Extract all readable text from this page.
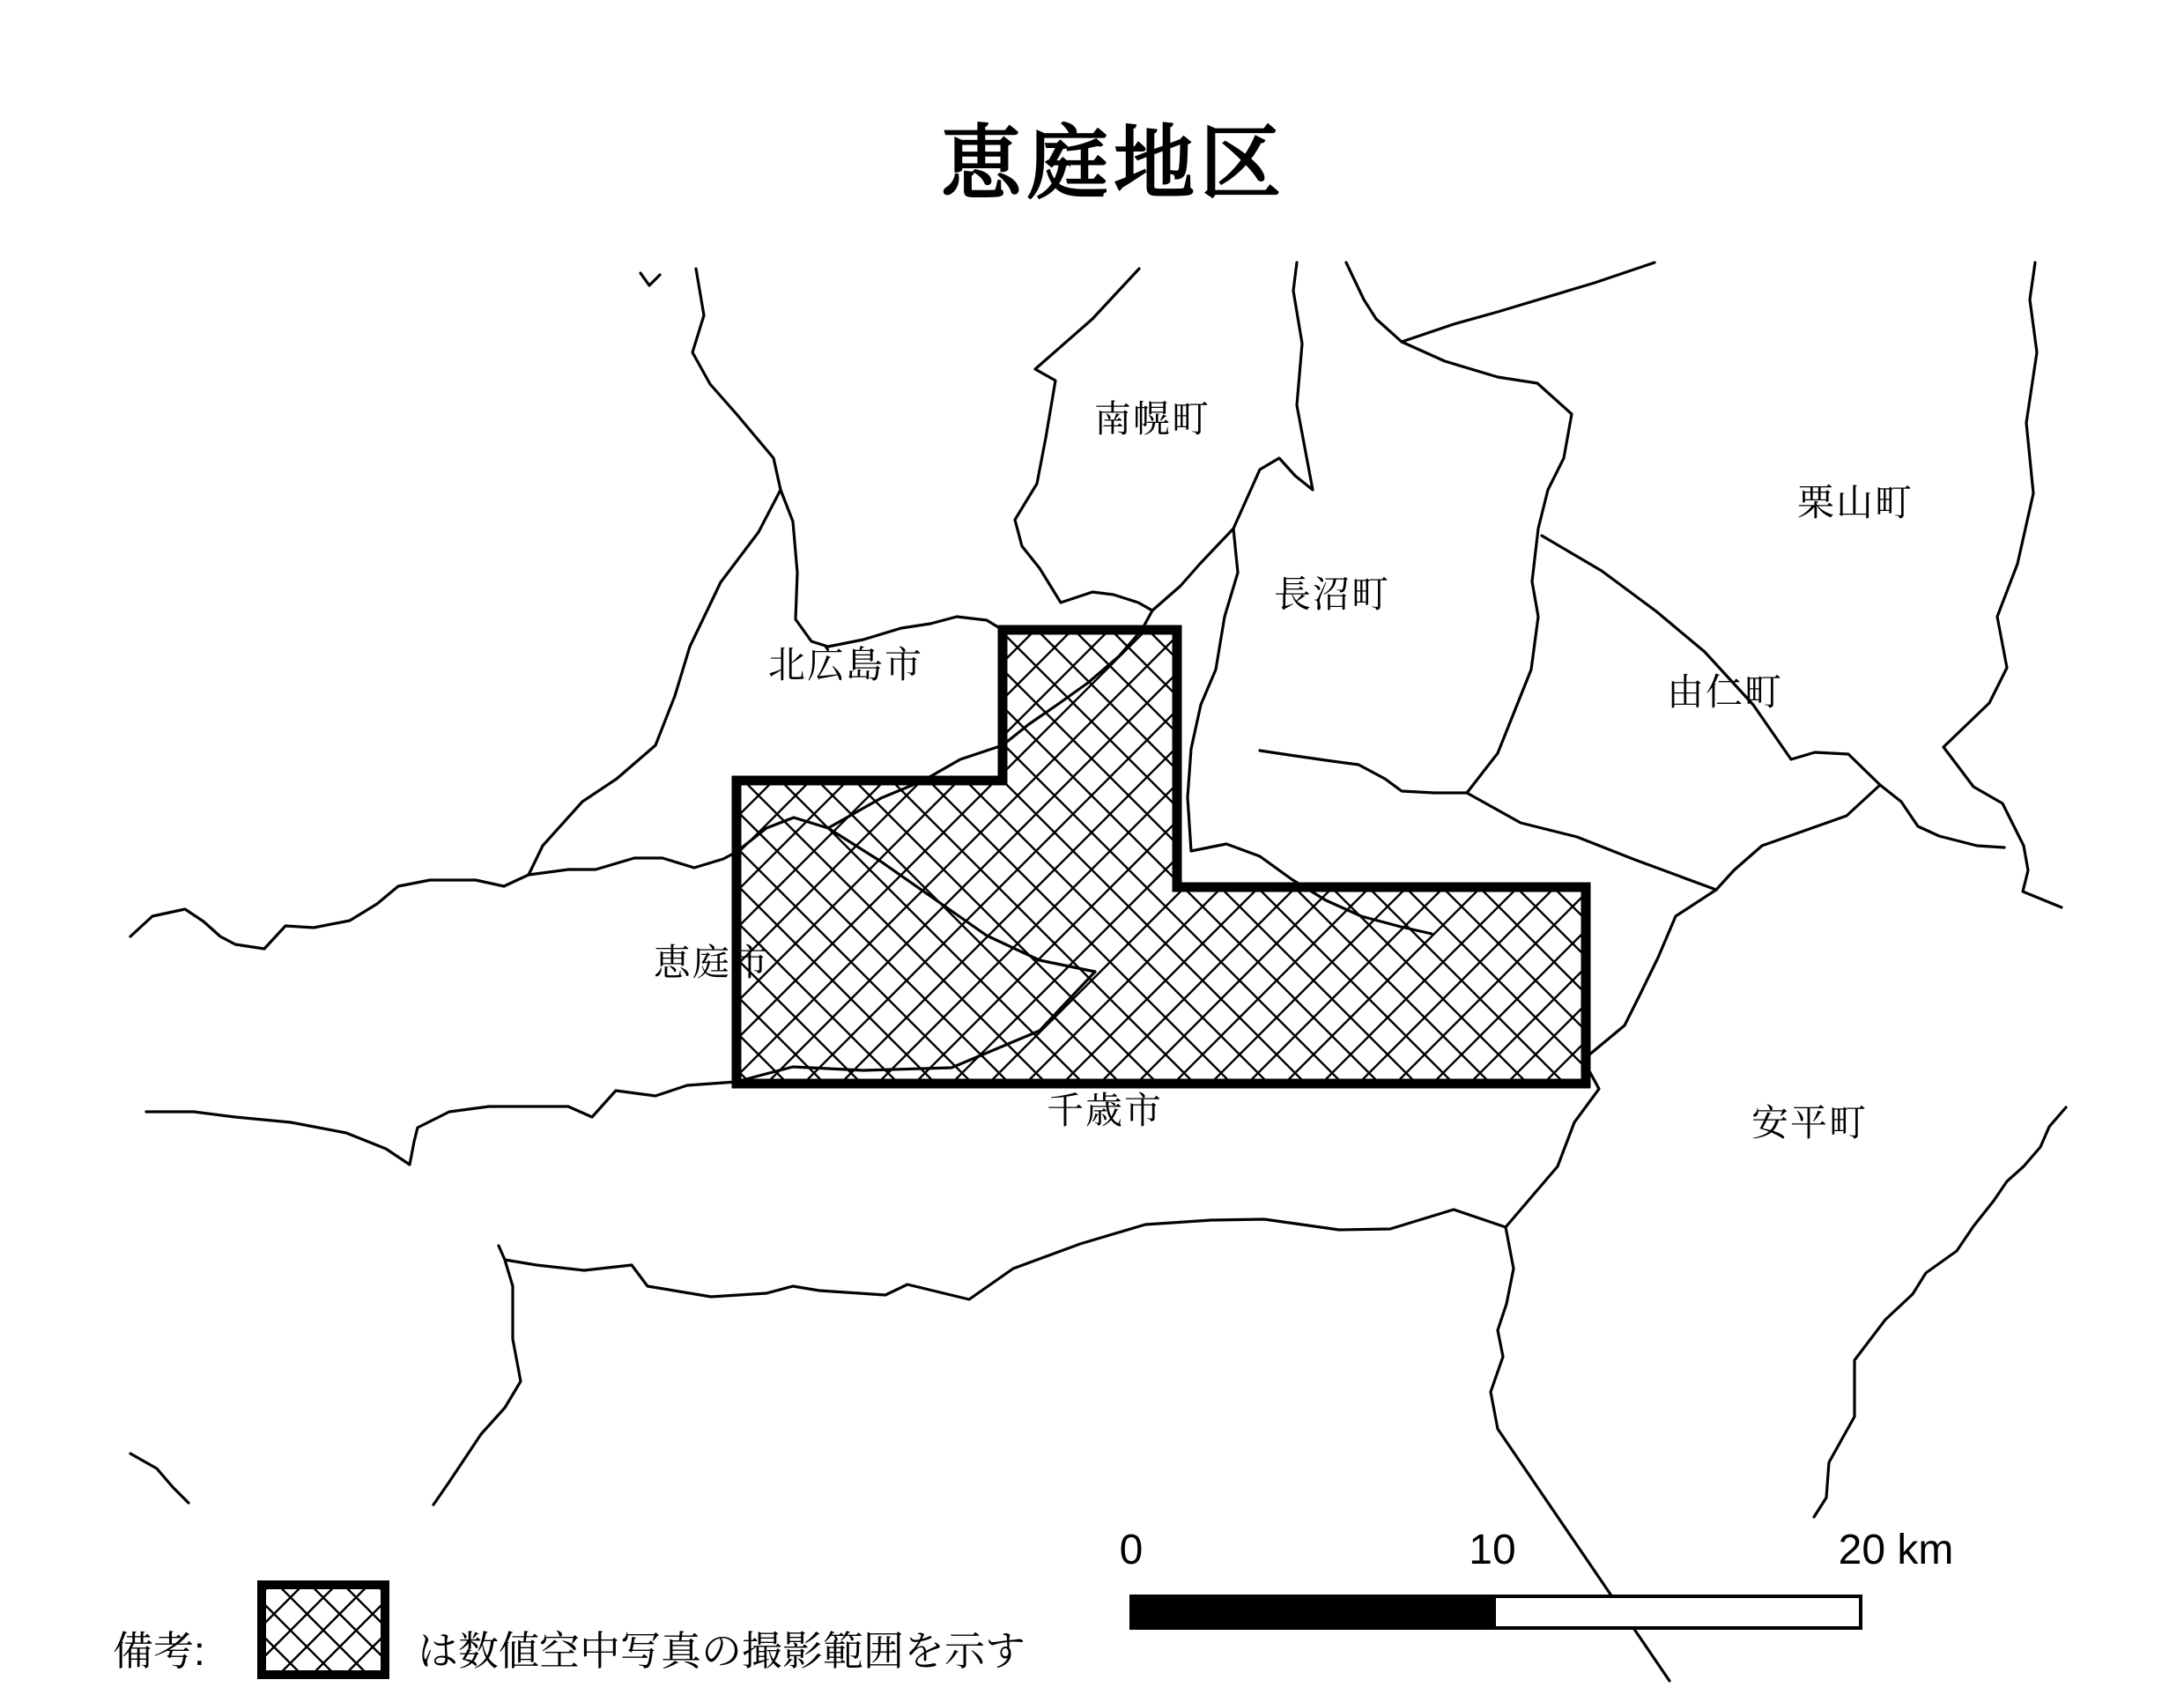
恵庭地区
南幌町
栗山町
長沼町
北広島市
由仁町
恵庭市
千歳市	安平町
備考:	は数値空中写真の撮影範囲を示す
0	10	20 km
